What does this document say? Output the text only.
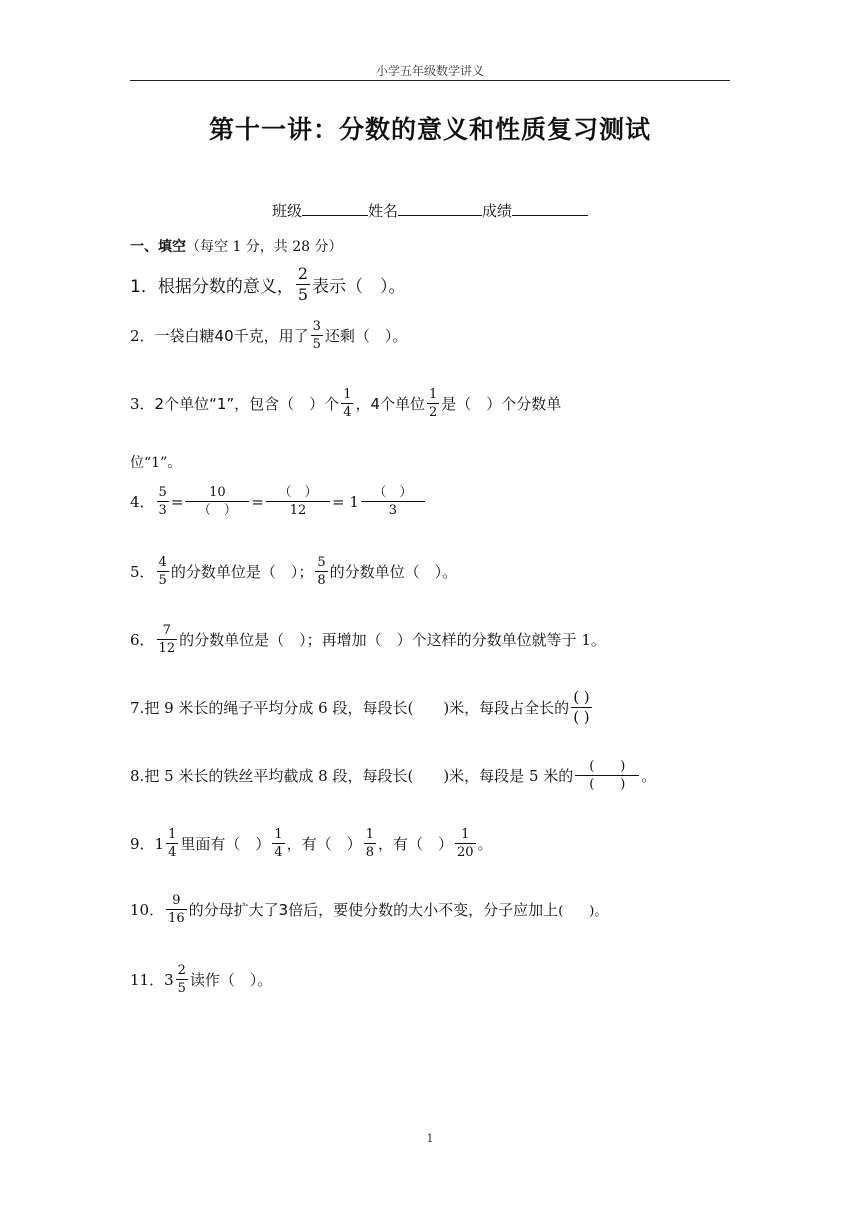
小学五年级数学讲义
第十一讲：分数的意义和性质复习测试
班级	姓名	成绩
一、填空（每空 1 分，共 28 分）
1． 根据分数的意义， $\frac{2}{5}$ 表示（　）。
2． 一袋白糖40千克，用了 $\frac{3}{5}$ 还剩（　）。
3． 2个单位“1”，包含（　）个 $\frac{1}{4}$ ，4个单位 $\frac{1}{2}$ 是（　）个分数单
位“1”。
4． $\frac{5}{3} = \frac{10}{( )} = \frac{( )}{12} = 1 \frac{( )}{3}$
5． $\frac{4}{5}$ 的分数单位是（　）； $\frac{5}{8}$ 的分数单位（　）。
6． $\frac{7}{12}$ 的分数单位是（　）；再增加（　）个这样的分数单位就等 于 1。
7. 把 9 米长的绳子平均分成 6 段，每段长(　　)米，每段占全长的 $\frac{( )}{( )}$
8. 把 5 米长的铁丝平均截成 8 段，每段长(　　)米，每段是 5 米的 $\frac{( )}{( )}$ 。
9． $1 \frac{1}{4}$ 里面有（　） $\frac{1}{4}$ ，有（　） $\frac{1}{8}$ ，有（　） $\frac{1}{20}$ 。
10． $\frac{9}{16}$ 的分母扩大了3倍后，要使分数的大小不变，分子应加上 (　　)。
11． $3 \frac{2}{5}$ 读作（　）。
1
